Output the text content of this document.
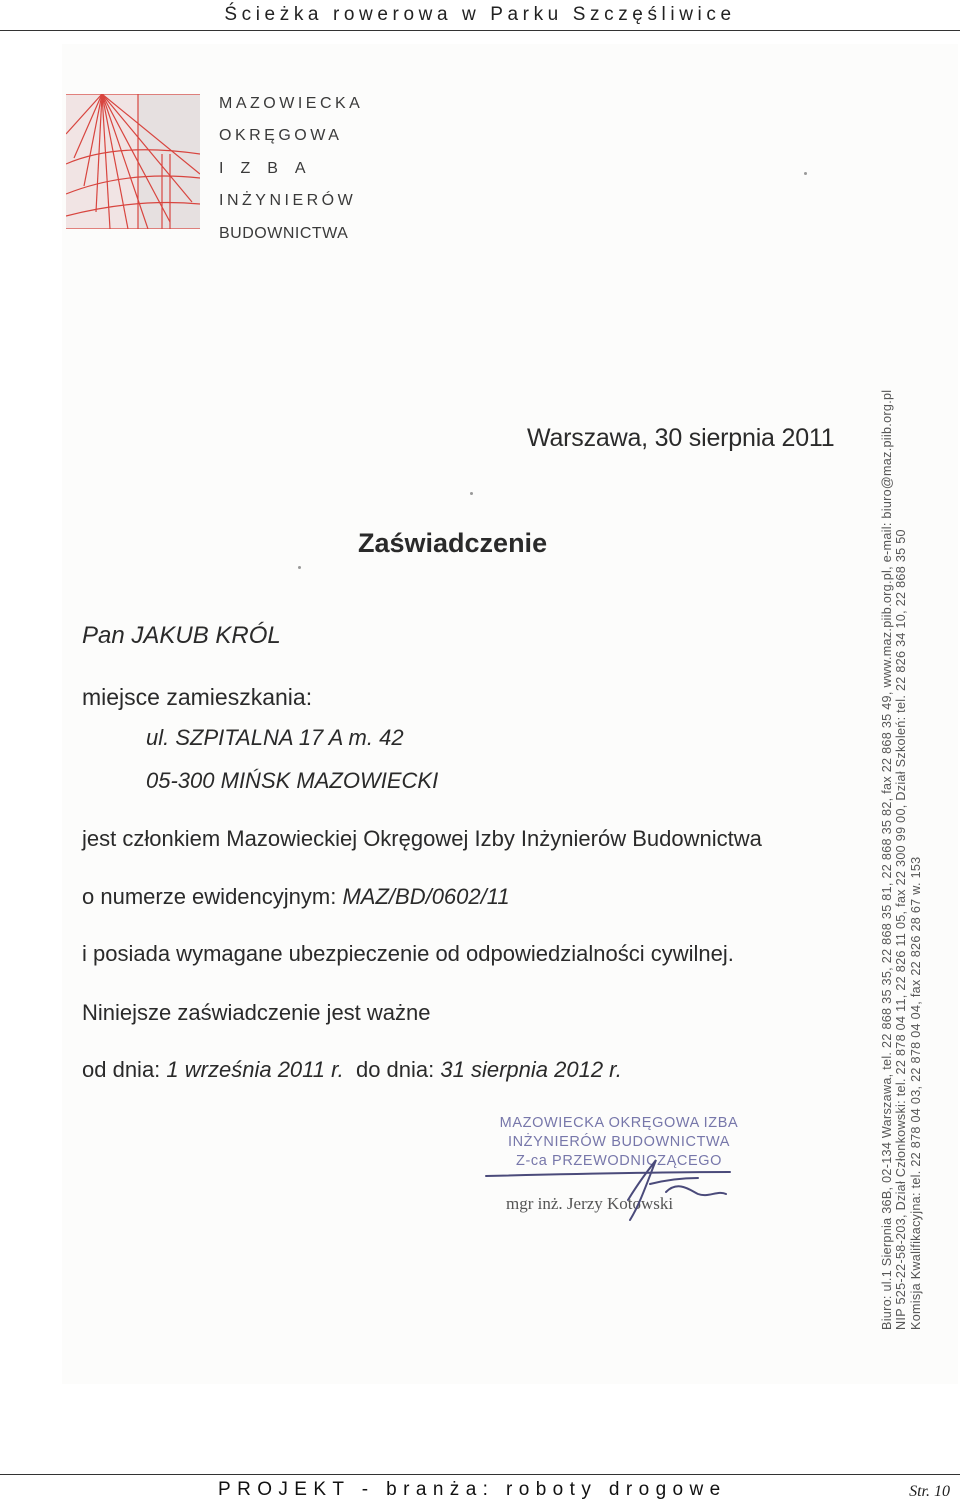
Ścieżka rowerowa w Parku Szczęśliwice
MAZOWIECKA
OKRĘGOWA
IZBA
INŻYNIERÓW
BUDOWNICTWA
Warszawa, 30 sierpnia 2011
Zaświadczenie
Pan JAKUB KRÓL
miejsce zamieszkania:
ul. SZPITALNA 17 A m. 42
05-300 MIŃSK MAZOWIECKI
jest członkiem Mazowieckiej Okręgowej Izby Inżynierów Budownictwa
o numerze ewidencyjnym: MAZ/BD/0602/11
i posiada wymagane ubezpieczenie od odpowiedzialności cywilnej.
Niniejsze zaświadczenie jest ważne
od dnia: 1 września 2011 r. do dnia: 31 sierpnia 2012 r.
MAZOWIECKA OKRĘGOWA IZBA
INŻYNIERÓW BUDOWNICTWA
Z-ca PRZEWODNICZĄCEGO
mgr inż. Jerzy Kotowski	Biuro: ul.1 Sierpnia 36B, 02-134 Warszawa, tel. 22 868 35 35, 22 868 35 81, 22 868 35 82, fax 22 868 35 49, www.maz.piib.org.pl, e-mail: biuro@maz.piib.org.pl NIP 525-22-58-203, Dział Członkowski: tel. 22 878 04 11, 22 826 11 05, fax 22 300 99 00, Dział Szkoleń: tel. 22 826 34 10, 22 868 35 50 Komisja Kwalifikacyjna: tel. 22 878 04 03, 22 878 04 04, fax 22 826 28 67 w. 153
PROJEKT - branża: roboty drogowe	Str. 10
